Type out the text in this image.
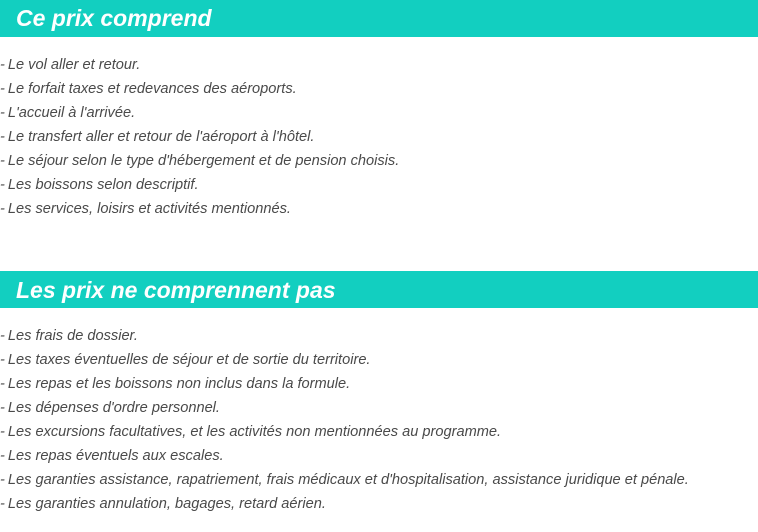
Ce prix comprend
- Le vol aller et retour.
- Le forfait taxes et redevances des aéroports.
- L'accueil à l'arrivée.
- Le transfert aller et retour de l'aéroport à l'hôtel.
- Le séjour selon le type d'hébergement et de pension choisis.
- Les boissons selon descriptif.
- Les services, loisirs et activités mentionnés.
Les prix ne comprennent pas
- Les frais de dossier.
- Les taxes éventuelles de séjour et de sortie du territoire.
- Les repas et les boissons non inclus dans la formule.
- Les dépenses d'ordre personnel.
- Les excursions facultatives, et les activités non mentionnées au programme.
- Les repas éventuels aux escales.
- Les garanties assistance, rapatriement, frais médicaux et d'hospitalisation, assistance juridique et pénale.
- Les garanties annulation, bagages, retard aérien.
